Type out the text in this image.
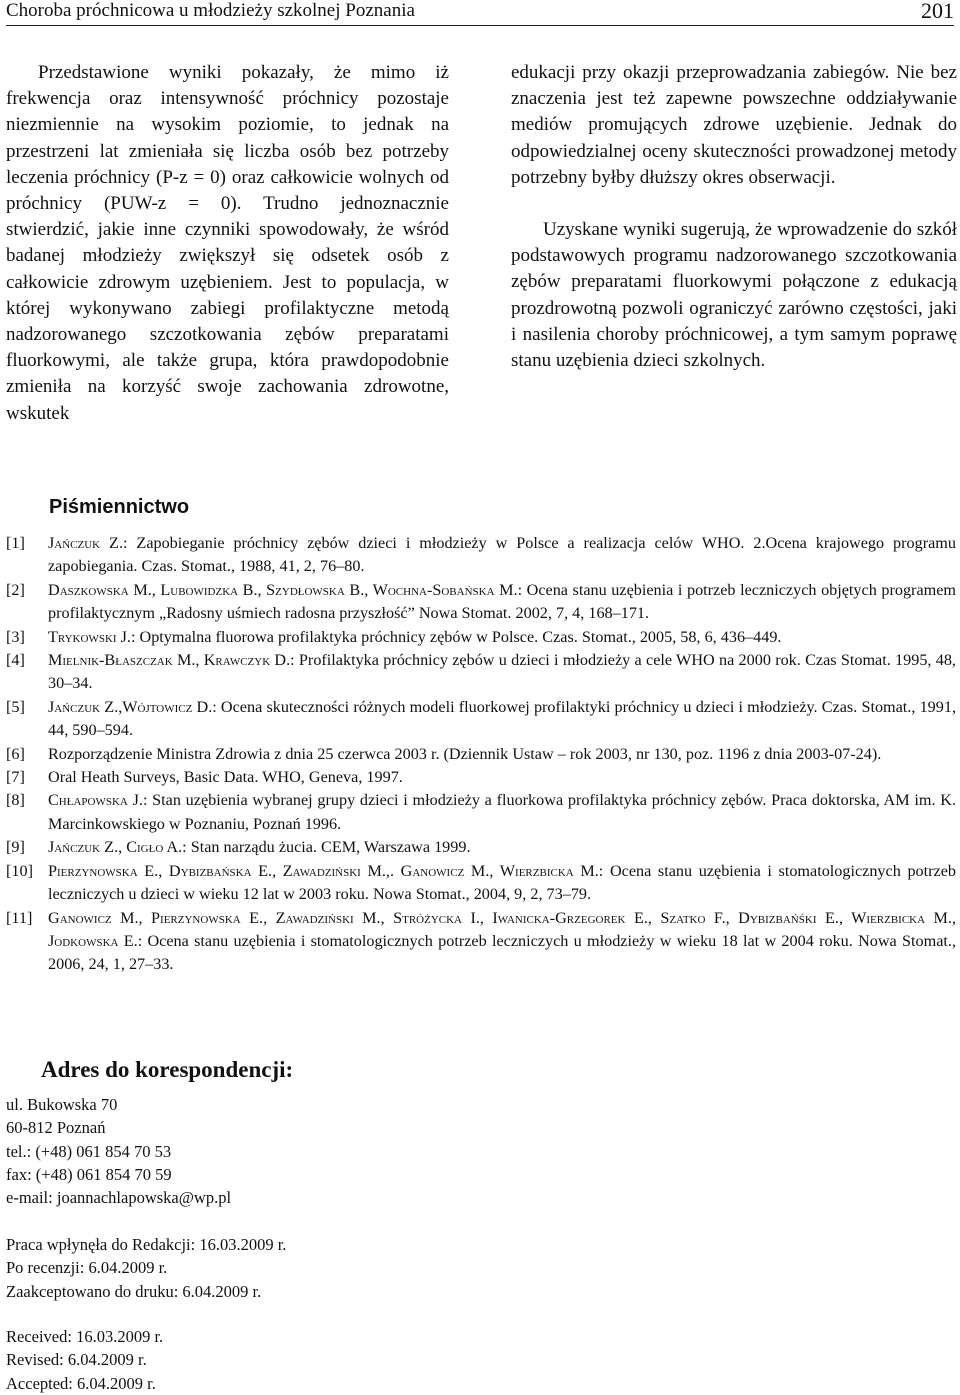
Choroba próchnicowa u młodzieży szkolnej Poznania	201

Przedstawione wyniki pokazały, że mimo iż frekwencja oraz intensywność próchnicy pozostaje niezmiennie na wysokim poziomie, to jednak na przestrzeni lat zmieniała się liczba osób bez potrzeby leczenia próchnicy (P-z = 0) oraz całkowicie wolnych od próchnicy (PUW-z = 0). Trudno jednoznacznie stwierdzić, jakie inne czynniki spowodowały, że wśród badanej młodzieży zwiększył się odsetek osób z całkowicie zdrowym uzębieniem. Jest to populacja, w której wykonywano zabiegi profilaktyczne metodą nadzorowanego szczotkowania zębów preparatami fluorkowymi, ale także grupa, która prawdopodobnie zmieniła na korzyść swoje zachowania zdrowotne, wskutek

edukacji przy okazji przeprowadzania zabiegów. Nie bez znaczenia jest też zapewne powszechne oddziaływanie mediów promujących zdrowe uzębienie. Jednak do odpowiedzialnej oceny skuteczności prowadzonej metody potrzebny byłby dłuższy okres obserwacji.

Uzyskane wyniki sugerują, że wprowadzenie do szkół podstawowych programu nadzorowanego szczotkowania zębów preparatami fluorkowymi połączone z edukacją prozdrowotną pozwoli ograniczyć zarówno częstości, jaki i nasilenia choroby próchnicowej, a tym samym poprawę stanu uzębienia dzieci szkolnych.

Piśmiennictwo

[1] Jańczuk Z.: Zapobieganie próchnicy zębów dzieci i młodzieży w Polsce a realizacja celów WHO. 2.Ocena krajowego programu zapobiegania. Czas. Stomat., 1988, 41, 2, 76–80.

[2] Daszkowska M., Lubowidzka B., Szydłowska B., Wochna-Sobańska M.: Ocena stanu uzębienia i potrzeb leczniczych objętych programem profilaktycznym „Radosny uśmiech radosna przyszłość” Nowa Stomat. 2002, 7, 4, 168–171.

[3] Trykowski J.: Optymalna fluorowa profilaktyka próchnicy zębów w Polsce. Czas. Stomat., 2005, 58, 6, 436–449.

[4] Mielnik-Błaszczak M., Krawczyk D.: Profilaktyka próchnicy zębów u dzieci i młodzieży a cele WHO na 2000 rok. Czas Stomat. 1995, 48, 30–34.

[5] Jańczuk Z.,Wójtowicz D.: Ocena skuteczności różnych modeli fluorkowej profilaktyki próchnicy u dzieci i młodzieży. Czas. Stomat., 1991, 44, 590–594.

[6] Rozporządzenie Ministra Zdrowia z dnia 25 czerwca 2003 r. (Dziennik Ustaw – rok 2003, nr 130, poz. 1196 z dnia 2003-07-24).

[7] Oral Heath Surveys, Basic Data. WHO, Geneva, 1997.

[8] Chłapowska J.: Stan uzębienia wybranej grupy dzieci i młodzieży a fluorkowa profilaktyka próchnicy zębów. Praca doktorska, AM im. K. Marcinkowskiego w Poznaniu, Poznań 1996.

[9] Jańczuk Z., Cigło A.: Stan narządu żucia. CEM, Warszawa 1999.

[10] Pierzynowska E., Dybizbańska E., Zawadziński M.,. Ganowicz M., Wierzbicka M.: Ocena stanu uzębienia i stomatologicznych potrzeb leczniczych u dzieci w wieku 12 lat w 2003 roku. Nowa Stomat., 2004, 9, 2, 73–79.

[11] Ganowicz M., Pierzynowska E., Zawadziński M., Stróżycka I., Iwanicka-Grzegorek E., Szatko F., Dybizbańśki E., Wierzbicka M., Jodkowska E.: Ocena stanu uzębienia i stomatologicznych potrzeb leczniczych u młodzieży w wieku 18 lat w 2004 roku. Nowa Stomat., 2006, 24, 1, 27–33.

Adres do korespondencji:
ul. Bukowska 70
60-812 Poznań
tel.: (+48) 061 854 70 53
fax: (+48) 061 854 70 59
e-mail: joannachlapowska@wp.pl
Praca wpłynęła do Redakcji: 16.03.2009 r.
Po recenzji: 6.04.2009 r.
Zaakceptowano do druku: 6.04.2009 r.
Received: 16.03.2009 r.
Revised: 6.04.2009 r.
Accepted: 6.04.2009 r.
